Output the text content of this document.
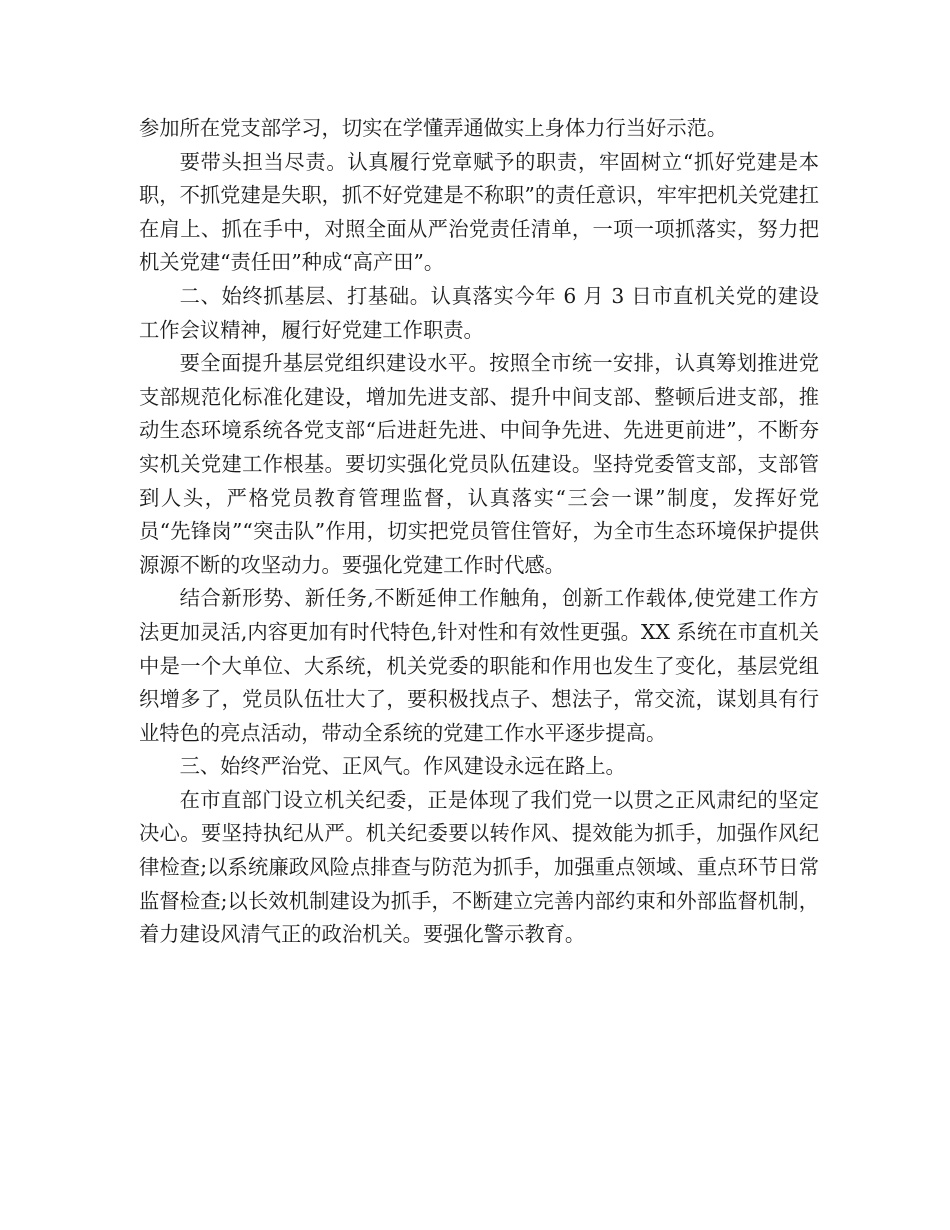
参加所在党支部学习，切实在学懂弄通做实上身体力行当好示范。

要带头担当尽责。认真履行党章赋予的职责，牢固树立“抓好党建是本职，不抓党建是失职，抓不好党建是不称职”的责任意识，牢牢把机关党建扛在肩上、抓在手中，对照全面从严治党责任清单，一项一项抓落实，努力把机关党建“责任田”种成“高产田”。

二、始终抓基层、打基础。认真落实今年 6 月 3 日市直机关党的建设工作会议精神，履行好党建工作职责。

要全面提升基层党组织建设水平。按照全市统一安排，认真筹划推进党支部规范化标准化建设，增加先进支部、提升中间支部、整顿后进支部，推动生态环境系统各党支部“后进赶先进、中间争先进、先进更前进”，不断夯实机关党建工作根基。要切实强化党员队伍建设。坚持党委管支部，支部管到人头，严格党员教育管理监督，认真落实“三会一课”制度，发挥好党员“先锋岗”“突击队”作用，切实把党员管住管好，为全市生态环境保护提供源源不断的攻坚动力。要强化党建工作时代感。

结合新形势、新任务,不断延伸工作触角，创新工作载体,使党建工作方法更加灵活,内容更加有时代特色,针对性和有效性更强。XX 系统在市直机关中是一个大单位、大系统，机关党委的职能和作用也发生了变化，基层党组织增多了，党员队伍壮大了，要积极找点子、想法子，常交流，谋划具有行业特色的亮点活动，带动全系统的党建工作水平逐步提高。

三、始终严治党、正风气。作风建设永远在路上。

在市直部门设立机关纪委，正是体现了我们党一以贯之正风肃纪的坚定决心。要坚持执纪从严。机关纪委要以转作风、提效能为抓手，加强作风纪律检查;以系统廉政风险点排查与防范为抓手，加强重点领域、重点环节日常监督检查;以长效机制建设为抓手，不断建立完善内部约束和外部监督机制，着力建设风清气正的政治机关。要强化警示教育。
